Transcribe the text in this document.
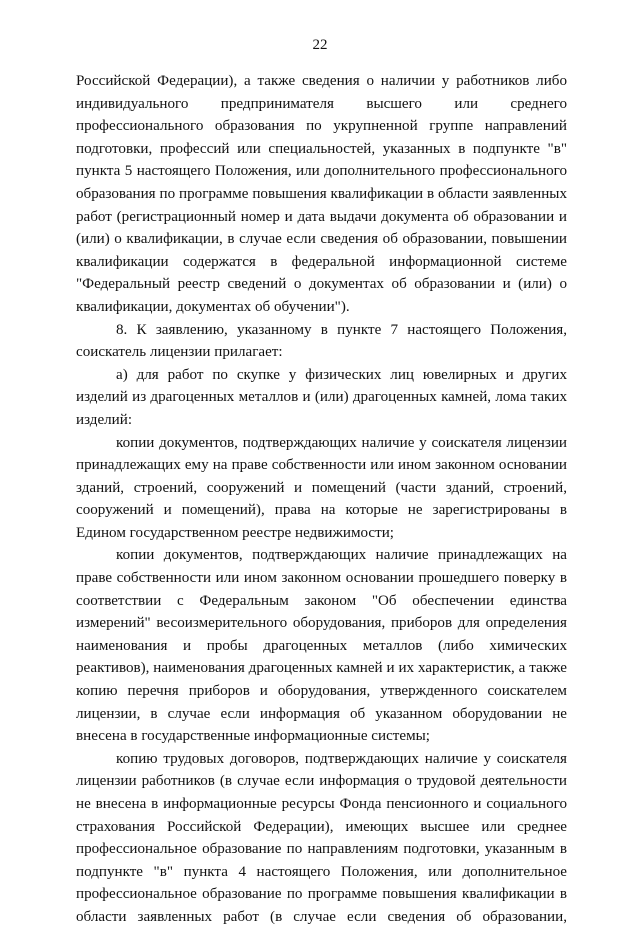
22

Российской Федерации), а также сведения о наличии у работников либо индивидуального предпринимателя высшего или среднего профессионального образования по укрупненной группе направлений подготовки, профессий или специальностей, указанных в подпункте "в" пункта 5 настоящего Положения, или дополнительного профессионального образования по программе повышения квалификации в области заявленных работ (регистрационный номер и дата выдачи документа об образовании и (или) о квалификации, в случае если сведения об образовании, повышении квалификации содержатся в федеральной информационной системе "Федеральный реестр сведений о документах об образовании и (или) о квалификации, документах об обучении").

8. К заявлению, указанному в пункте 7 настоящего Положения, соискатель лицензии прилагает:

а) для работ по скупке у физических лиц ювелирных и других изделий из драгоценных металлов и (или) драгоценных камней, лома таких изделий:

копии документов, подтверждающих наличие у соискателя лицензии принадлежащих ему на праве собственности или ином законном основании зданий, строений, сооружений и помещений (части зданий, строений, сооружений и помещений), права на которые не зарегистрированы в Едином государственном реестре недвижимости;

копии документов, подтверждающих наличие принадлежащих на праве собственности или ином законном основании прошедшего поверку в соответствии с Федеральным законом "Об обеспечении единства измерений" весоизмерительного оборудования, приборов для определения наименования и пробы драгоценных металлов (либо химических реактивов), наименования драгоценных камней и их характеристик, а также копию перечня приборов и оборудования, утвержденного соискателем лицензии, в случае если информация об указанном оборудовании не внесена в государственные информационные системы;

копию трудовых договоров, подтверждающих наличие у соискателя лицензии работников (в случае если информация о трудовой деятельности не внесена в информационные ресурсы Фонда пенсионного и социального страхования Российской Федерации), имеющих высшее или среднее профессиональное образование по направлениям подготовки, указанным в подпункте "в" пункта 4 настоящего Положения, или дополнительное профессиональное образование по программе повышения квалификации в области заявленных работ (в случае если сведения об образовании,
